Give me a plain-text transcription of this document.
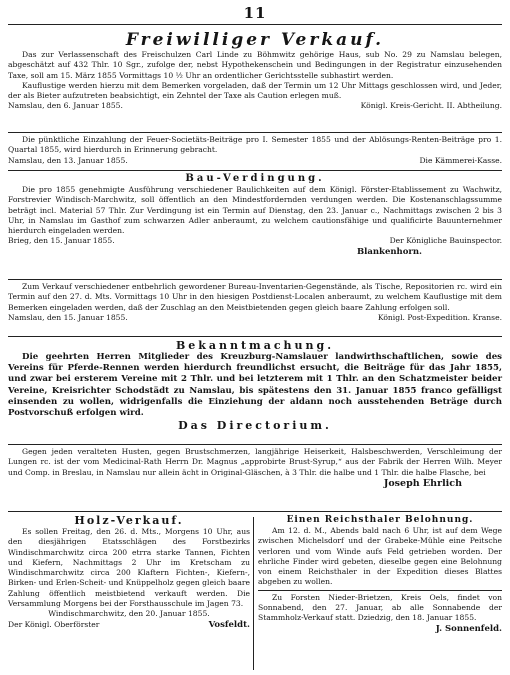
11
Freiwilliger Verkauf.

Das zur Verlassenschaft des Freischulzen Carl Linde zu Böhmwitz gehörige Haus, sub No. 29 zu Namslau belegen, abgeschätzt auf 432 Thlr. 10 Sgr., zufolge der, nebst Hypothekenschein und Bedingungen in der Registratur einzusehenden Taxe, soll am 15. März 1855 Vormittags 10 ½ Uhr an ordentlicher Gerichtsstelle subhastirt werden.

Kauflustige werden hierzu mit dem Bemerken vorgeladen, daß der Termin um 12 Uhr Mittags geschlossen wird, und Jeder, der als Bieter aufzutreten beabsichtigt, ein Zehntel der Taxe als Caution erlegen muß.

Namslau, den 6. Januar 1855.	Königl. Kreis-Gericht. II. Abtheilung.

Die pünktliche Einzahlung der Feuer-Societäts-Beiträge pro I. Semester 1855 und der Ablösungs-Renten-Beiträge pro 1. Quartal 1855, wird hierdurch in Erinnerung gebracht.

Namslau, den 13. Januar 1855.	Die Kämmerei-Kasse.
Bau-Verdingung.

Die pro 1855 genehmigte Ausführung verschiedener Baulichkeiten auf dem Königl. Förster-Etablissement zu Wachwitz, Forstrevier Windisch-Marchwitz, soll öffentlich an den Mindestfordernden verdungen werden. Die Kostenanschlagssumme beträgt incl. Material 57 Thlr. Zur Verdingung ist ein Termin auf Dienstag, den 23. Januar c., Nachmittags zwischen 2 bis 3 Uhr, in Namslau im Gasthof zum schwarzen Adler anberaumt, zu welchem cautionsfähige und qualificirte Bauunternehmer hierdurch eingeladen werden.

Brieg, den 15. Januar 1855.	Der Königliche Bauinspector.
Blankenhorn.

Zum Verkauf verschiedener entbehrlich gewordener Bureau-Inventarien-Gegenstände, als Tische, Repositorien rc. wird ein Termin auf den 27. d. Mts. Vormittags 10 Uhr in den hiesigen Postdienst-Localen anberaumt, zu welchem Kauflustige mit dem Bemerken eingeladen werden, daß der Zuschlag an den Meistbietenden gegen gleich baare Zahlung erfolgen soll.

Namslau, den 15. Januar 1855.	Königl. Post-Expedition. Kranse.
Bekanntmachung.

Die geehrten Herren Mitglieder des Kreuzburg-Namslauer landwirthschaftlichen, sowie des Vereins für Pferde-Rennen werden hierdurch freundlichst ersucht, die Beiträge für das Jahr 1855, und zwar bei ersterem Vereine mit 2 Thlr. und bei letzterem mit 1 Thlr. an den Schatzmeister beider Vereine, Kreisrichter Schodstädt zu Namslau, bis spätestens den 31. Januar 1855 franco gefälligst einsenden zu wollen, widrigenfalls die Einziehung der aldann noch ausstehenden Beträge durch Postvorschuß erfolgen wird.

Das Directorium.

Gegen jeden veralteten Husten, gegen Brustschmerzen, langjährige Heiserkeit, Halsbeschwerden, Verschleimung der Lungen rc. ist der vom Medicinal-Rath Herrn Dr. Magnus „approbirte Brust-Syrup,“ aus der Fabrik der Herren Wilh. Meyer und Comp. in Breslau, in Namslau nur allein ächt in Original-Gläschen, à 3 Thlr. die halbe und 1 Thlr. die halbe Flasche, bei

Joseph Ehrlich
Holz-Verkauf.

Es sollen Freitag, den 26. d. Mts., Morgens 10 Uhr, aus den diesjährigen Etatsschlägen des Forstbezirks Windischmarchwitz circa 200 etrra starke Tannen, Fichten und Kiefern, Nachmittags 2 Uhr im Kretscham zu Windischmarchwitz circa 200 Klaftern Fichten-, Kiefern-, Birken- und Erlen-Scheit- und Knüppelholz gegen gleich baare Zahlung öffentlich meistbietend verkauft werden. Die Versammlung Morgens bei der Forsthausschule im Jagen 73.

Windischmarchwitz, den 20. Januar 1855.

Der Königl. Oberförster	Vosfeldt.
Einen Reichsthaler Belohnung.

Am 12. d. M., Abends bald nach 6 Uhr, ist auf dem Wege zwischen Michelsdorf und der Grabeke-Mühle eine Peitsche verloren und vom Winde aufs Feld getrieben worden. Der ehrliche Finder wird gebeten, dieselbe gegen eine Belohnung von einem Reichsthaler in der Expedition dieses Blattes abgeben zu wollen.

Zu Forsten Nieder-Brietzen, Kreis Oels, findet von Sonnabend, den 27. Januar, ab alle Sonnabende der Stammholz-Verkauf statt. Dziedzig, den 18. Januar 1855.

J. Sonnenfeld.
